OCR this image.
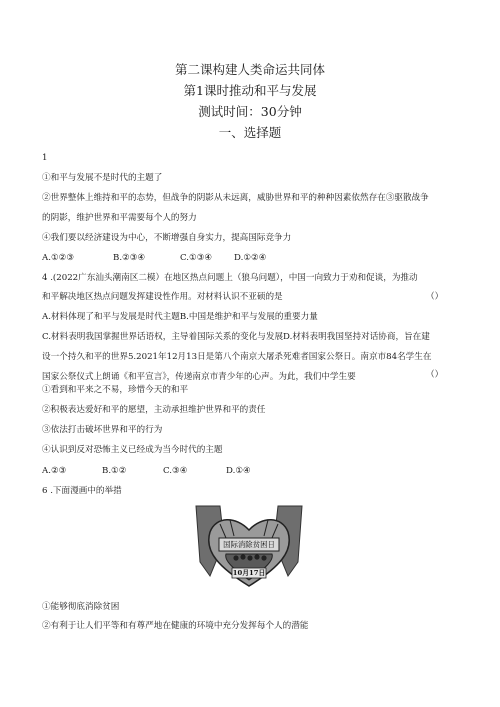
第二课构建人类命运共同体
第1课时推动和平与发展
测试时间：30分钟
一、选择题
1
①和平与发展不是时代的主题了
②世界整体上维持和平的态势，但战争的阴影从未远离，威胁世界和平的种种因素依然存在③驱散战争
的阴影，维护世界和平需要每个人的努力
④我们要以经济建设为中心，不断增强自身实力，提高国际竞争力
A.①②③	B.②③④	C.①③④	D.①②④
4 .(2022广东汕头潮南区二模）在地区热点问题上（狼乌问题），中国一向致力于劝和促谈，为推动
和平解决地区热点问题发挥建设性作用。对材料认识不亚硕的是	（）
A.材料体现了和平与发展是时代主题B.中国是维护和平与发展的重要力量
C.材料表明我国掌握世界话语权，主导着国际关系的变化与发展D.材料表明我国坚持对话协商，旨在建
设一个持久和平的世界5.2021年12月13日是第八个南京大屠杀死难者国家公祭日。南京市84名学生在
国家公祭仪式上朗诵《和平宣言》，传递南京市青少年的心声。为此，我们中学生要	（）
①看到和平来之不易，珍惜今天的和平
②积极表达爱好和平的愿望，主动承担维护世界和平的责任
③依法打击破坏世界和平的行为
④认识到反对恐怖主义已经成为当今时代的主题
A.②③	B.①②	C.③④	D.①④
6 .下面漫画中的举措
国际消除贫困日
10月17日
①能够彻底消除贫困
②有利于让人们平等和有尊严地在健康的环境中充分发挥每个人的潜能
